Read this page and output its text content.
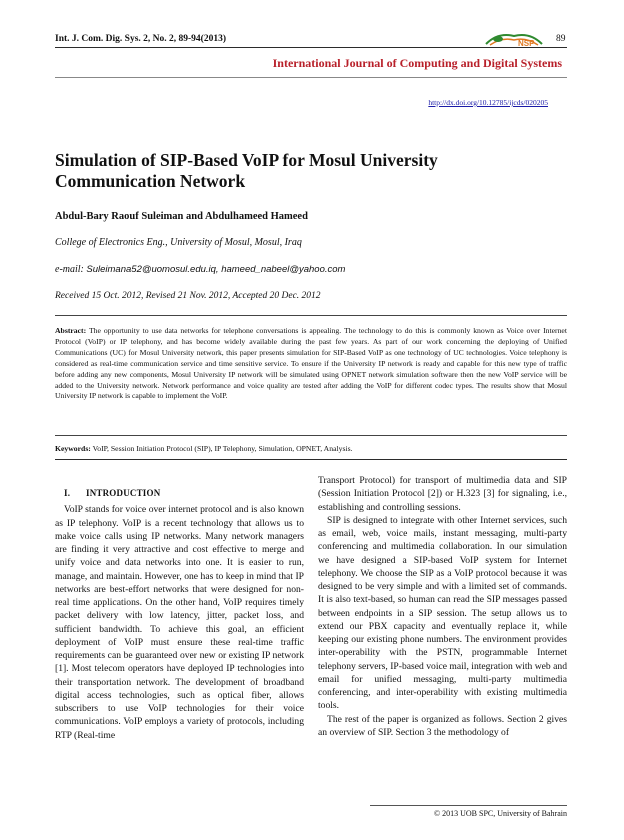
Int. J. Com. Dig. Sys. 2, No. 2, 89-94(2013)	NSP 89
International Journal of Computing and Digital Systems
http://dx.doi.org/10.12785/ijcds/020205
Simulation of SIP-Based VoIP for Mosul University Communication Network
Abdul-Bary Raouf Suleiman and Abdulhameed Hameed
College of Electronics Eng., University of Mosul, Mosul, Iraq
e-mail: Suleimana52@uomosul.edu.iq, hameed_nabeel@yahoo.com
Received 15 Oct. 2012, Revised 21 Nov. 2012, Accepted 20 Dec. 2012

Abstract: The opportunity to use data networks for telephone conversations is appealing. The technology to do this is commonly known as Voice over Internet Protocol (VoIP) or IP telephony, and has become widely available during the past few years. As part of our work concerning the deploying of Unified Communications (UC) for Mosul University network, this paper presents simulation for SIP-Based VoIP as one technology of UC technologies. Voice telephony is considered as real-time communication service and time sensitive service. To ensure if the University IP network is ready and capable for this new type of traffic before adding any new components, Mosul University IP network will be simulated using OPNET network simulation software then the new VoIP service will be added to the University network. Network performance and voice quality are tested after adding the VoIP for different codec types. The results show that Mosul University IP network is capable to implement the VoIP.

Keywords: VoIP, Session Initiation Protocol (SIP), IP Telephony, Simulation, OPNET, Analysis.
I. INTRODUCTION

VoIP stands for voice over internet protocol and is also known as IP telephony. VoIP is a recent technology that allows us to make voice calls using IP networks. Many network managers are finding it very attractive and cost effective to merge and unify voice and data networks into one. It is easier to run, manage, and maintain. However, one has to keep in mind that IP networks are best-effort networks that were designed for non-real time applications. On the other hand, VoIP requires timely packet delivery with low latency, jitter, packet loss, and sufficient bandwidth. To achieve this goal, an efficient deployment of VoIP must ensure these real-time traffic requirements can be guaranteed over new or existing IP network [1]. Most telecom operators have deployed IP technologies into their transportation network. The development of broadband digital access technologies, such as optical fiber, allows subscribers to use VoIP technologies for their voice communications. VoIP employs a variety of protocols, including RTP (Real-time

Transport Protocol) for transport of multimedia data and SIP (Session Initiation Protocol [2]) or H.323 [3] for signaling, i.e., establishing and controlling sessions.

SIP is designed to integrate with other Internet services, such as email, web, voice mails, instant messaging, multi-party conferencing and multimedia collaboration. In our simulation we have designed a SIP-based VoIP system for Internet telephony. We choose the SIP as a VoIP protocol because it was designed to be very simple and with a limited set of commands. It is also text-based, so human can read the SIP messages passed between endpoints in a SIP session. The setup allows us to extend our PBX capacity and eventually replace it, while keeping our existing phone numbers. The environment provides inter-operability with the PSTN, programmable Internet telephony servers, IP-based voice mail, integration with web and email for unified messaging, multi-party multimedia conferencing, and inter-operability with existing multimedia tools.

The rest of the paper is organized as follows. Section 2 gives an overview of SIP. Section 3 the methodology of

© 2013 UOB SPC, University of Bahrain
